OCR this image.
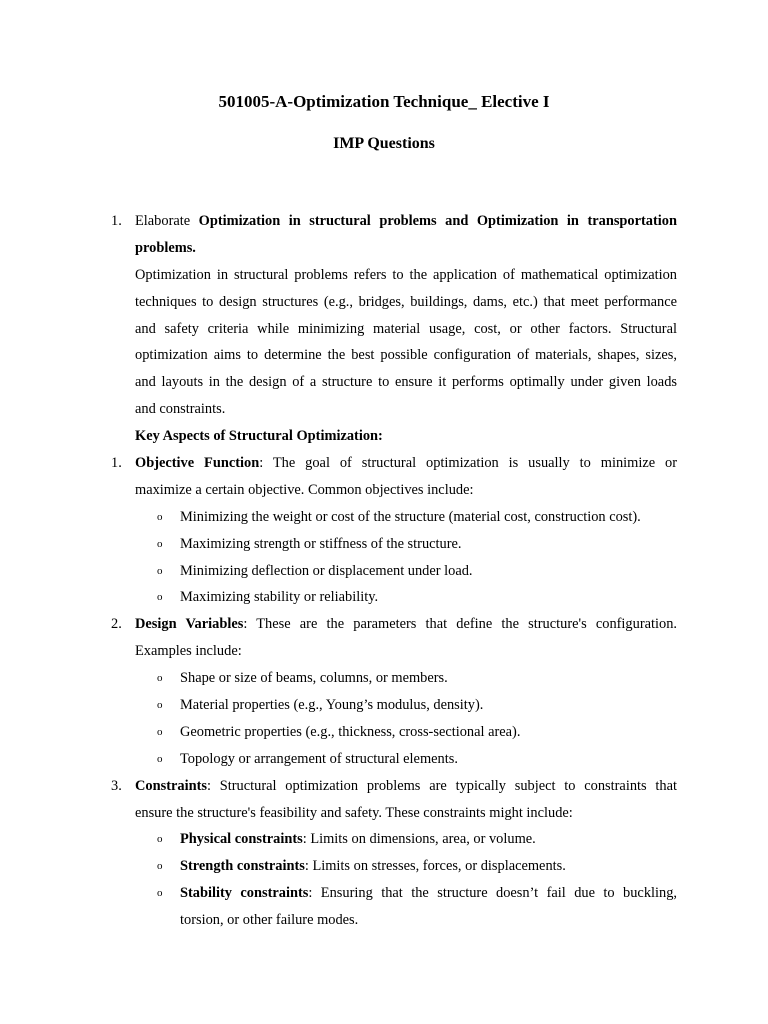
501005-A-Optimization Technique_ Elective I
IMP Questions
1. Elaborate Optimization in structural problems and Optimization in transportation
problems.
Optimization in structural problems refers to the application of mathematical optimization
techniques to design structures (e.g., bridges, buildings, dams, etc.) that meet performance
and safety criteria while minimizing material usage, cost, or other factors. Structural
optimization aims to determine the best possible configuration of materials, shapes, sizes,
and layouts in the design of a structure to ensure it performs optimally under given loads
and constraints.
Key Aspects of Structural Optimization:
1. Objective Function: The goal of structural optimization is usually to minimize or
maximize a certain objective. Common objectives include:
o Minimizing the weight or cost of the structure (material cost, construction cost).
o Maximizing strength or stiffness of the structure.
o Minimizing deflection or displacement under load.
o Maximizing stability or reliability.
2. Design Variables: These are the parameters that define the structure's configuration.
Examples include:
o Shape or size of beams, columns, or members.
o Material properties (e.g., Young’s modulus, density).
o Geometric properties (e.g., thickness, cross-sectional area).
o Topology or arrangement of structural elements.
3. Constraints: Structural optimization problems are typically subject to constraints that
ensure the structure's feasibility and safety. These constraints might include:
o Physical constraints: Limits on dimensions, area, or volume.
o Strength constraints: Limits on stresses, forces, or displacements.
o Stability constraints: Ensuring that the structure doesn’t fail due to buckling,
torsion, or other failure modes.
